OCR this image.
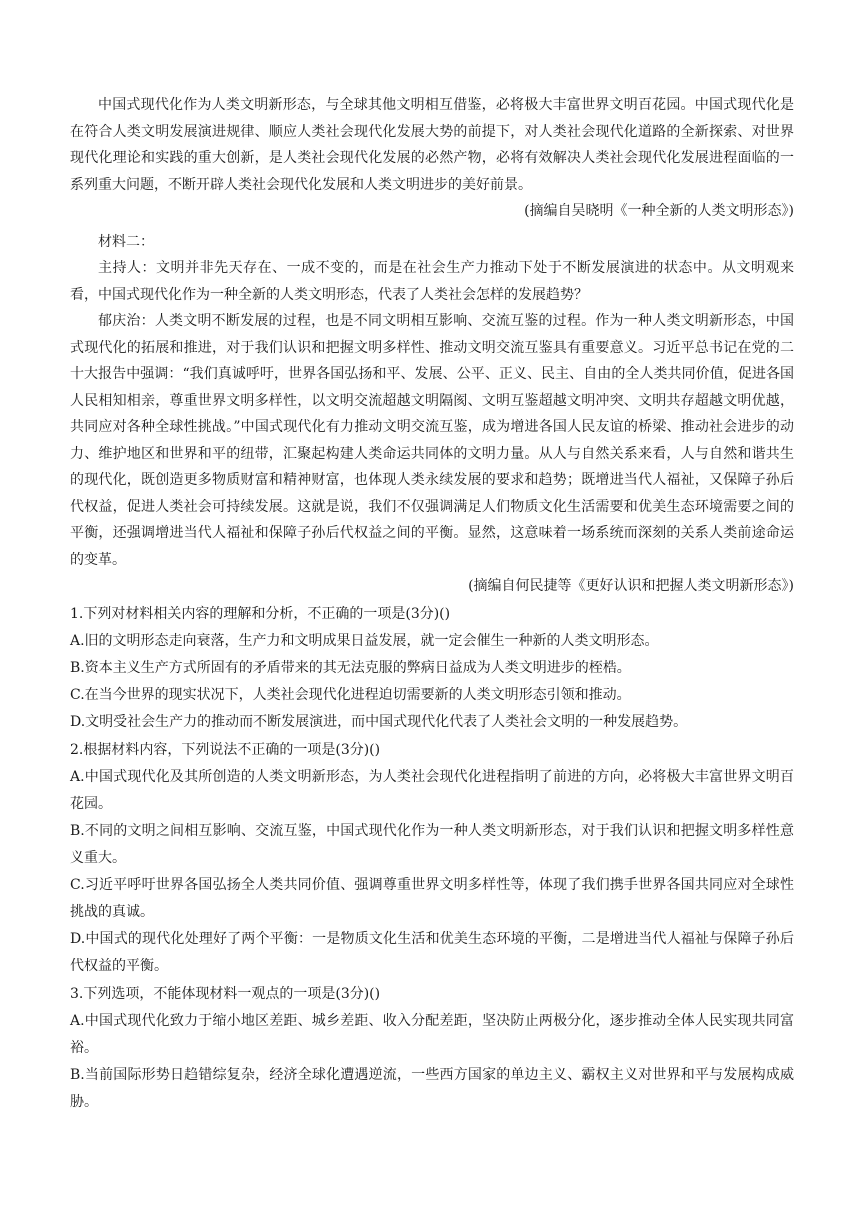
中国式现代化作为人类文明新形态，与全球其他文明相互借鉴，必将极大丰富世界文明百花园。中国式现代化是在符合人类文明发展演进规律、顺应人类社会现代化发展大势的前提下，对人类社会现代化道路的全新探索、对世界现代化理论和实践的重大创新，是人类社会现代化发展的必然产物，必将有效解决人类社会现代化发展进程面临的一系列重大问题，不断开辟人类社会现代化发展和人类文明进步的美好前景。

(摘编自吴晓明《一种全新的人类文明形态》)

材料二：

主持人：文明并非先天存在、一成不变的，而是在社会生产力推动下处于不断发展演进的状态中。从文明观来看，中国式现代化作为一种全新的人类文明形态，代表了人类社会怎样的发展趋势？

郁庆治：人类文明不断发展的过程，也是不同文明相互影响、交流互鉴的过程。作为一种人类文明新形态，中国式现代化的拓展和推进，对于我们认识和把握文明多样性、推动文明交流互鉴具有重要意义。习近平总书记在党的二十大报告中强调：“我们真诚呼吁，世界各国弘扬和平、发展、公平、正义、民主、自由的全人类共同价值，促进各国人民相知相亲，尊重世界文明多样性，以文明交流超越文明隔阂、文明互鉴超越文明冲突、文明共存超越文明优越，共同应对各种全球性挑战。”中国式现代化有力推动文明交流互鉴，成为增进各国人民友谊的桥梁、推动社会进步的动力、维护地区和世界和平的纽带，汇聚起构建人类命运共同体的文明力量。从人与自然关系来看，人与自然和谐共生的现代化，既创造更多物质财富和精神财富，也体现人类永续发展的要求和趋势；既增进当代人福祉，又保障子孙后代权益，促进人类社会可持续发展。这就是说，我们不仅强调满足人们物质文化生活需要和优美生态环境需要之间的平衡，还强调增进当代人福祉和保障子孙后代权益之间的平衡。显然，这意味着一场系统而深刻的关系人类前途命运的变革。

(摘编自何民捷等《更好认识和把握人类文明新形态》)

1.下列对材料相关内容的理解和分析，不正确的一项是(3分)()

A.旧的文明形态走向衰落，生产力和文明成果日益发展，就一定会催生一种新的人类文明形态。

B.资本主义生产方式所固有的矛盾带来的其无法克服的弊病日益成为人类文明进步的桎梏。

C.在当今世界的现实状况下，人类社会现代化进程迫切需要新的人类文明形态引领和推动。

D.文明受社会生产力的推动而不断发展演进，而中国式现代化代表了人类社会文明的一种发展趋势。

2.根据材料内容，下列说法不正确的一项是(3分)()

A.中国式现代化及其所创造的人类文明新形态，为人类社会现代化进程指明了前进的方向，必将极大丰富世界文明百花园。

B.不同的文明之间相互影响、交流互鉴，中国式现代化作为一种人类文明新形态，对于我们认识和把握文明多样性意义重大。

C.习近平呼吁世界各国弘扬全人类共同价值、强调尊重世界文明多样性等，体现了我们携手世界各国共同应对全球性挑战的真诚。

D.中国式的现代化处理好了两个平衡：一是物质文化生活和优美生态环境的平衡，二是增进当代人福祉与保障子孙后代权益的平衡。

3.下列选项，不能体现材料一观点的一项是(3分)()

A.中国式现代化致力于缩小地区差距、城乡差距、收入分配差距，坚决防止两极分化，逐步推动全体人民实现共同富裕。

B.当前国际形势日趋错综复杂，经济全球化遭遇逆流，一些西方国家的单边主义、霸权主义对世界和平与发展构成威胁。
